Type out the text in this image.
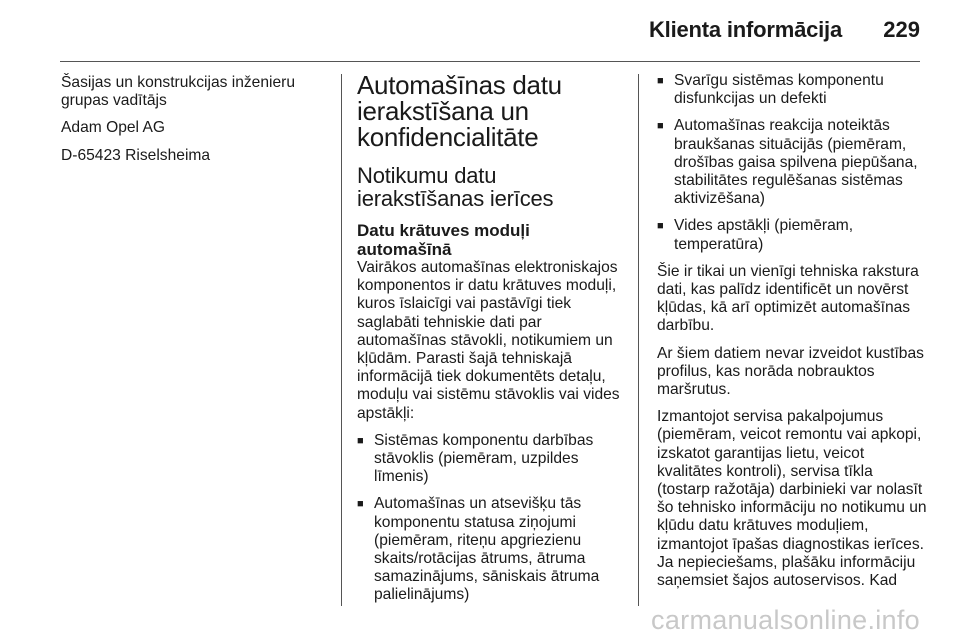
Klienta informācija 229

Šasijas un konstrukcijas inženieru grupas vadītājs

Adam Opel AG

D-65423 Riselsheima

Automašīnas datu ierakstīšana un konfidencialitāte
Notikumu datu ierakstīšanas ierīces
Datu krātuves moduļi automašīnā

Vairākos automašīnas elektroniskajos komponentos ir datu krātuves moduļi, kuros īslaicīgi vai pastāvīgi tiek saglabāti tehniskie dati par automašīnas stāvokli, notikumiem un kļūdām. Parasti šajā tehniskajā informācijā tiek dokumentēts detaļu, moduļu vai sistēmu stāvoklis vai vides apstākļi:

■ Sistēmas komponentu darbības stāvoklis (piemēram, uzpildes līmenis)
■ Automašīnas un atsevišķu tās komponentu statusa ziņojumi (piemēram, riteņu apgriezienu skaits/rotācijas ātrums, ātruma samazinājums, sāniskais ātruma palielinājums)
■ Svarīgu sistēmas komponentu disfunkcijas un defekti
■ Automašīnas reakcija noteiktās braukšanas situācijās (piemēram, drošības gaisa spilvena piepūšana, stabilitātes regulēšanas sistēmas aktivizēšana)
■ Vides apstākļi (piemēram, temperatūra)

Šie ir tikai un vienīgi tehniska rakstura dati, kas palīdz identificēt un novērst kļūdas, kā arī optimizēt automašīnas darbību.

Ar šiem datiem nevar izveidot kustības profilus, kas norāda nobrauktos maršrutus.

Izmantojot servisa pakalpojumus (piemēram, veicot remontu vai apkopi, izskatot garantijas lietu, veicot kvalitātes kontroli), servisa tīkla (tostarp ražotāja) darbinieki var nolasīt šo tehnisko informāciju no notikumu un kļūdu datu krātuves moduļiem, izmantojot īpašas diagnostikas ierīces. Ja nepieciešams, plašāku informāciju saņemsiet šajos autoservisos. Kad

carmanualsonline.info
